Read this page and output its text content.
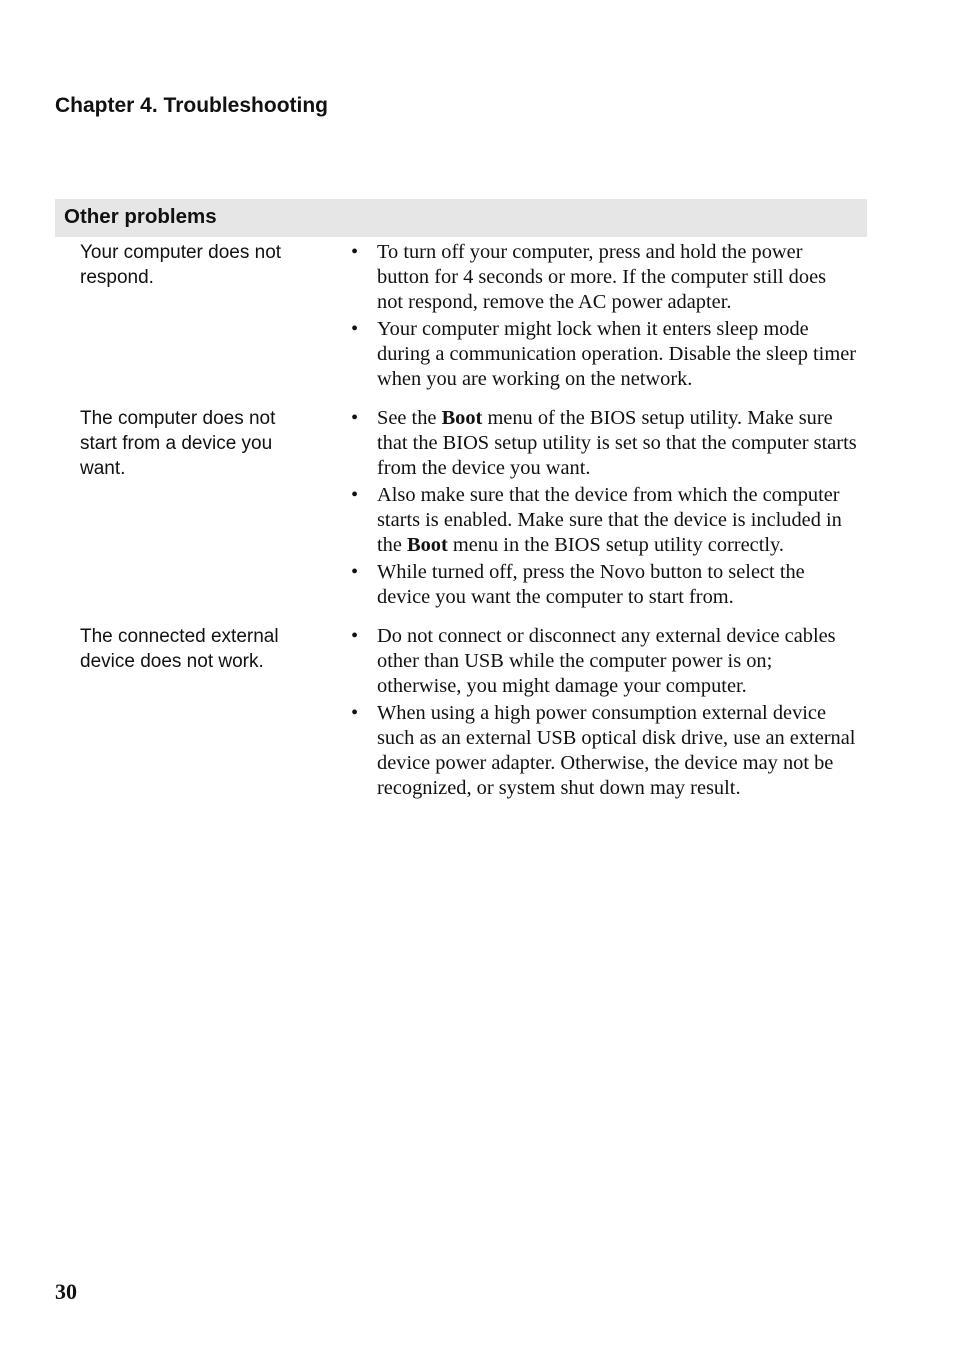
Chapter 4. Troubleshooting
Other problems
Your computer does not
respond.
• To turn off your computer, press and hold the power button for 4 seconds or more. If the computer still does not respond, remove the AC power adapter.
• Your computer might lock when it enters sleep mode during a communication operation. Disable the sleep timer when you are working on the network.
The computer does not
start from a device you
want.
• See the Boot menu of the BIOS setup utility. Make sure that the BIOS setup utility is set so that the computer starts from the device you want.
• Also make sure that the device from which the computer starts is enabled. Make sure that the device is included in the Boot menu in the BIOS setup utility correctly.
• While turned off, press the Novo button to select the device you want the computer to start from.
The connected external
device does not work.
• Do not connect or disconnect any external device cables other than USB while the computer power is on; otherwise, you might damage your computer.
• When using a high power consumption external device such as an external USB optical disk drive, use an external device power adapter. Otherwise, the device may not be recognized, or system shut down may result.
30
